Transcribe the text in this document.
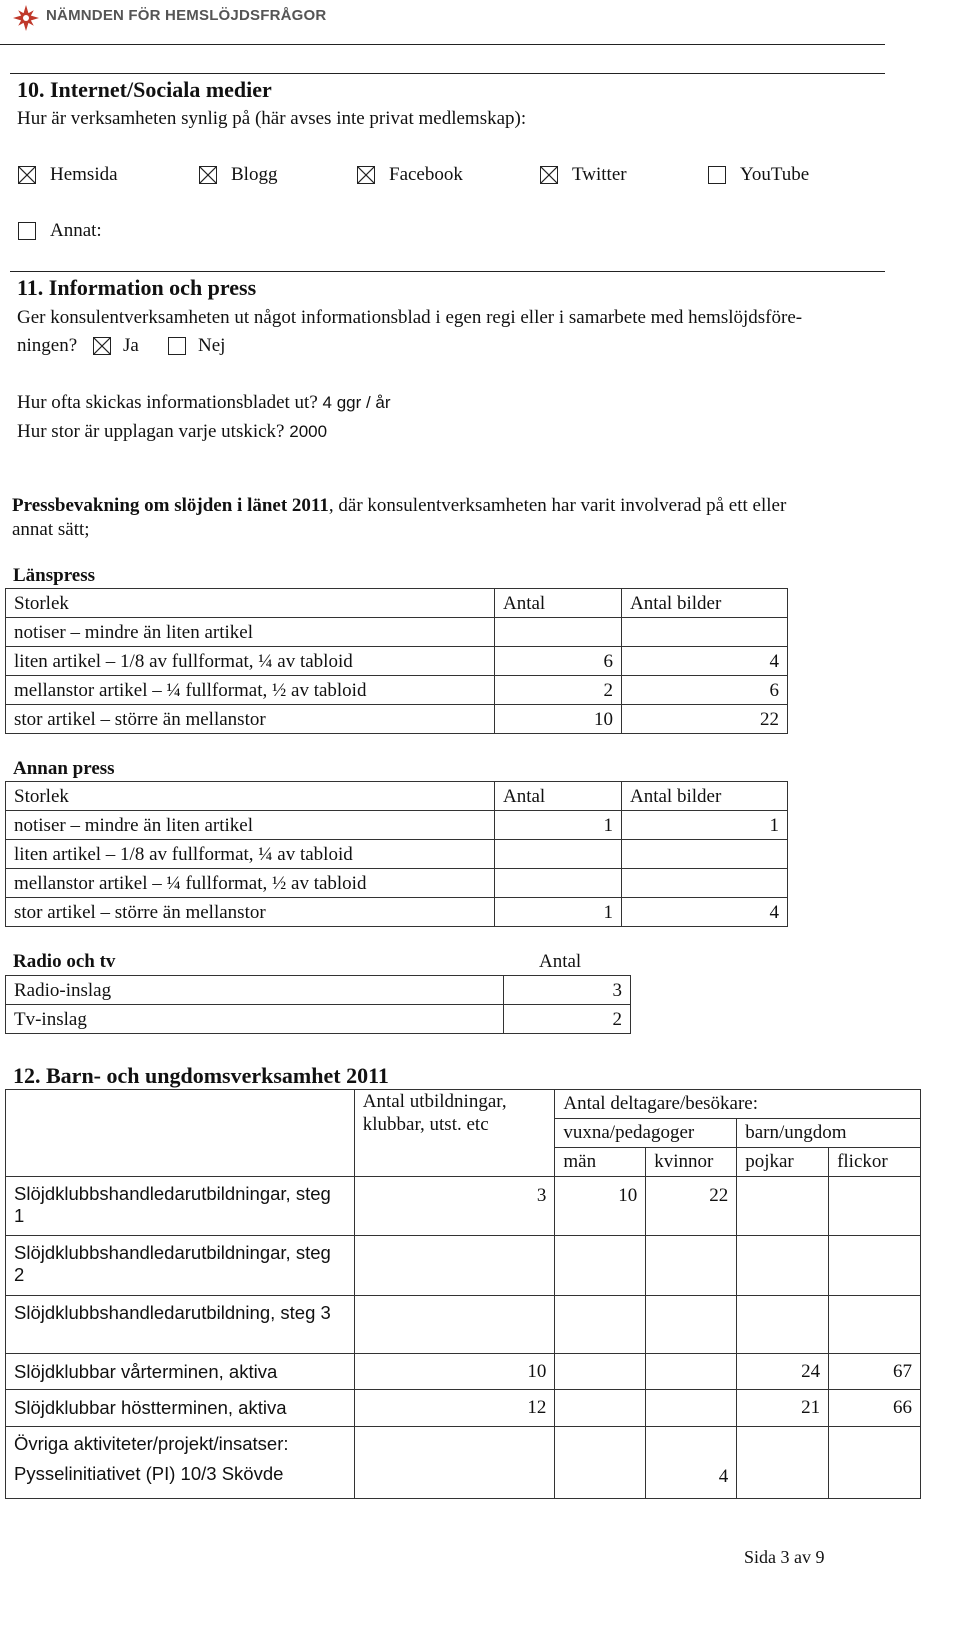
NÄMNDEN FÖR HEMSLÖJDSFRÅGOR
10. Internet/Sociala medier
Hur är verksamheten synlig på (här avses inte privat medlemskap):
Hemsida	Blogg	Facebook	Twitter	YouTube
Annat:
11. Information och press
Ger konsulentverksamheten ut något informationsblad i egen regi eller i samarbete med hemslöjdsföre-
ningen? Ja	Nej
Hur ofta skickas informationsbladet ut? 4 ggr / år
Hur stor är upplagan varje utskick? 2000
Pressbevakning om slöjden i länet 2011, där konsulentverksamheten har varit involverad på ett eller
annat sätt;
Länspress
Storlek	Antal	Antal bilder
notiser – mindre än liten artikel		
liten artikel – 1/8 av fullformat, ¼ av tabloid	6	4
mellanstor artikel – ¼ fullformat, ½ av tabloid	2	6
stor artikel – större än mellanstor	10	22
Annan press
Storlek	Antal	Antal bilder
notiser – mindre än liten artikel	1	1
liten artikel – 1/8 av fullformat, ¼ av tabloid		
mellanstor artikel – ¼ fullformat, ½ av tabloid		
stor artikel – större än mellanstor	1	4
Radio och tv	Antal
Radio-inslag	3
Tv-inslag	2
12. Barn- och ungdomsverksamhet 2011
	Antal utbildningar, klubbar, utst. etc	Antal deltagare/besökare:			
		vuxna/pedagoger		barn/ungdom	
		män	kvinnor	pojkar	flickor
Slöjdklubbshandledarutbildningar, steg 1	3	10	22		
Slöjdklubbshandledarutbildningar, steg 2					
Slöjdklubbshandledarutbildning, steg 3					
Slöjdklubbar vårterminen, aktiva	10			24	67
Slöjdklubbar höstterminen, aktiva	12			21	66

Övriga aktiviteter/projekt/insatser:
Pysselinitiativet (PI) 10/3 Skövde			4		
Sida 3 av 9
